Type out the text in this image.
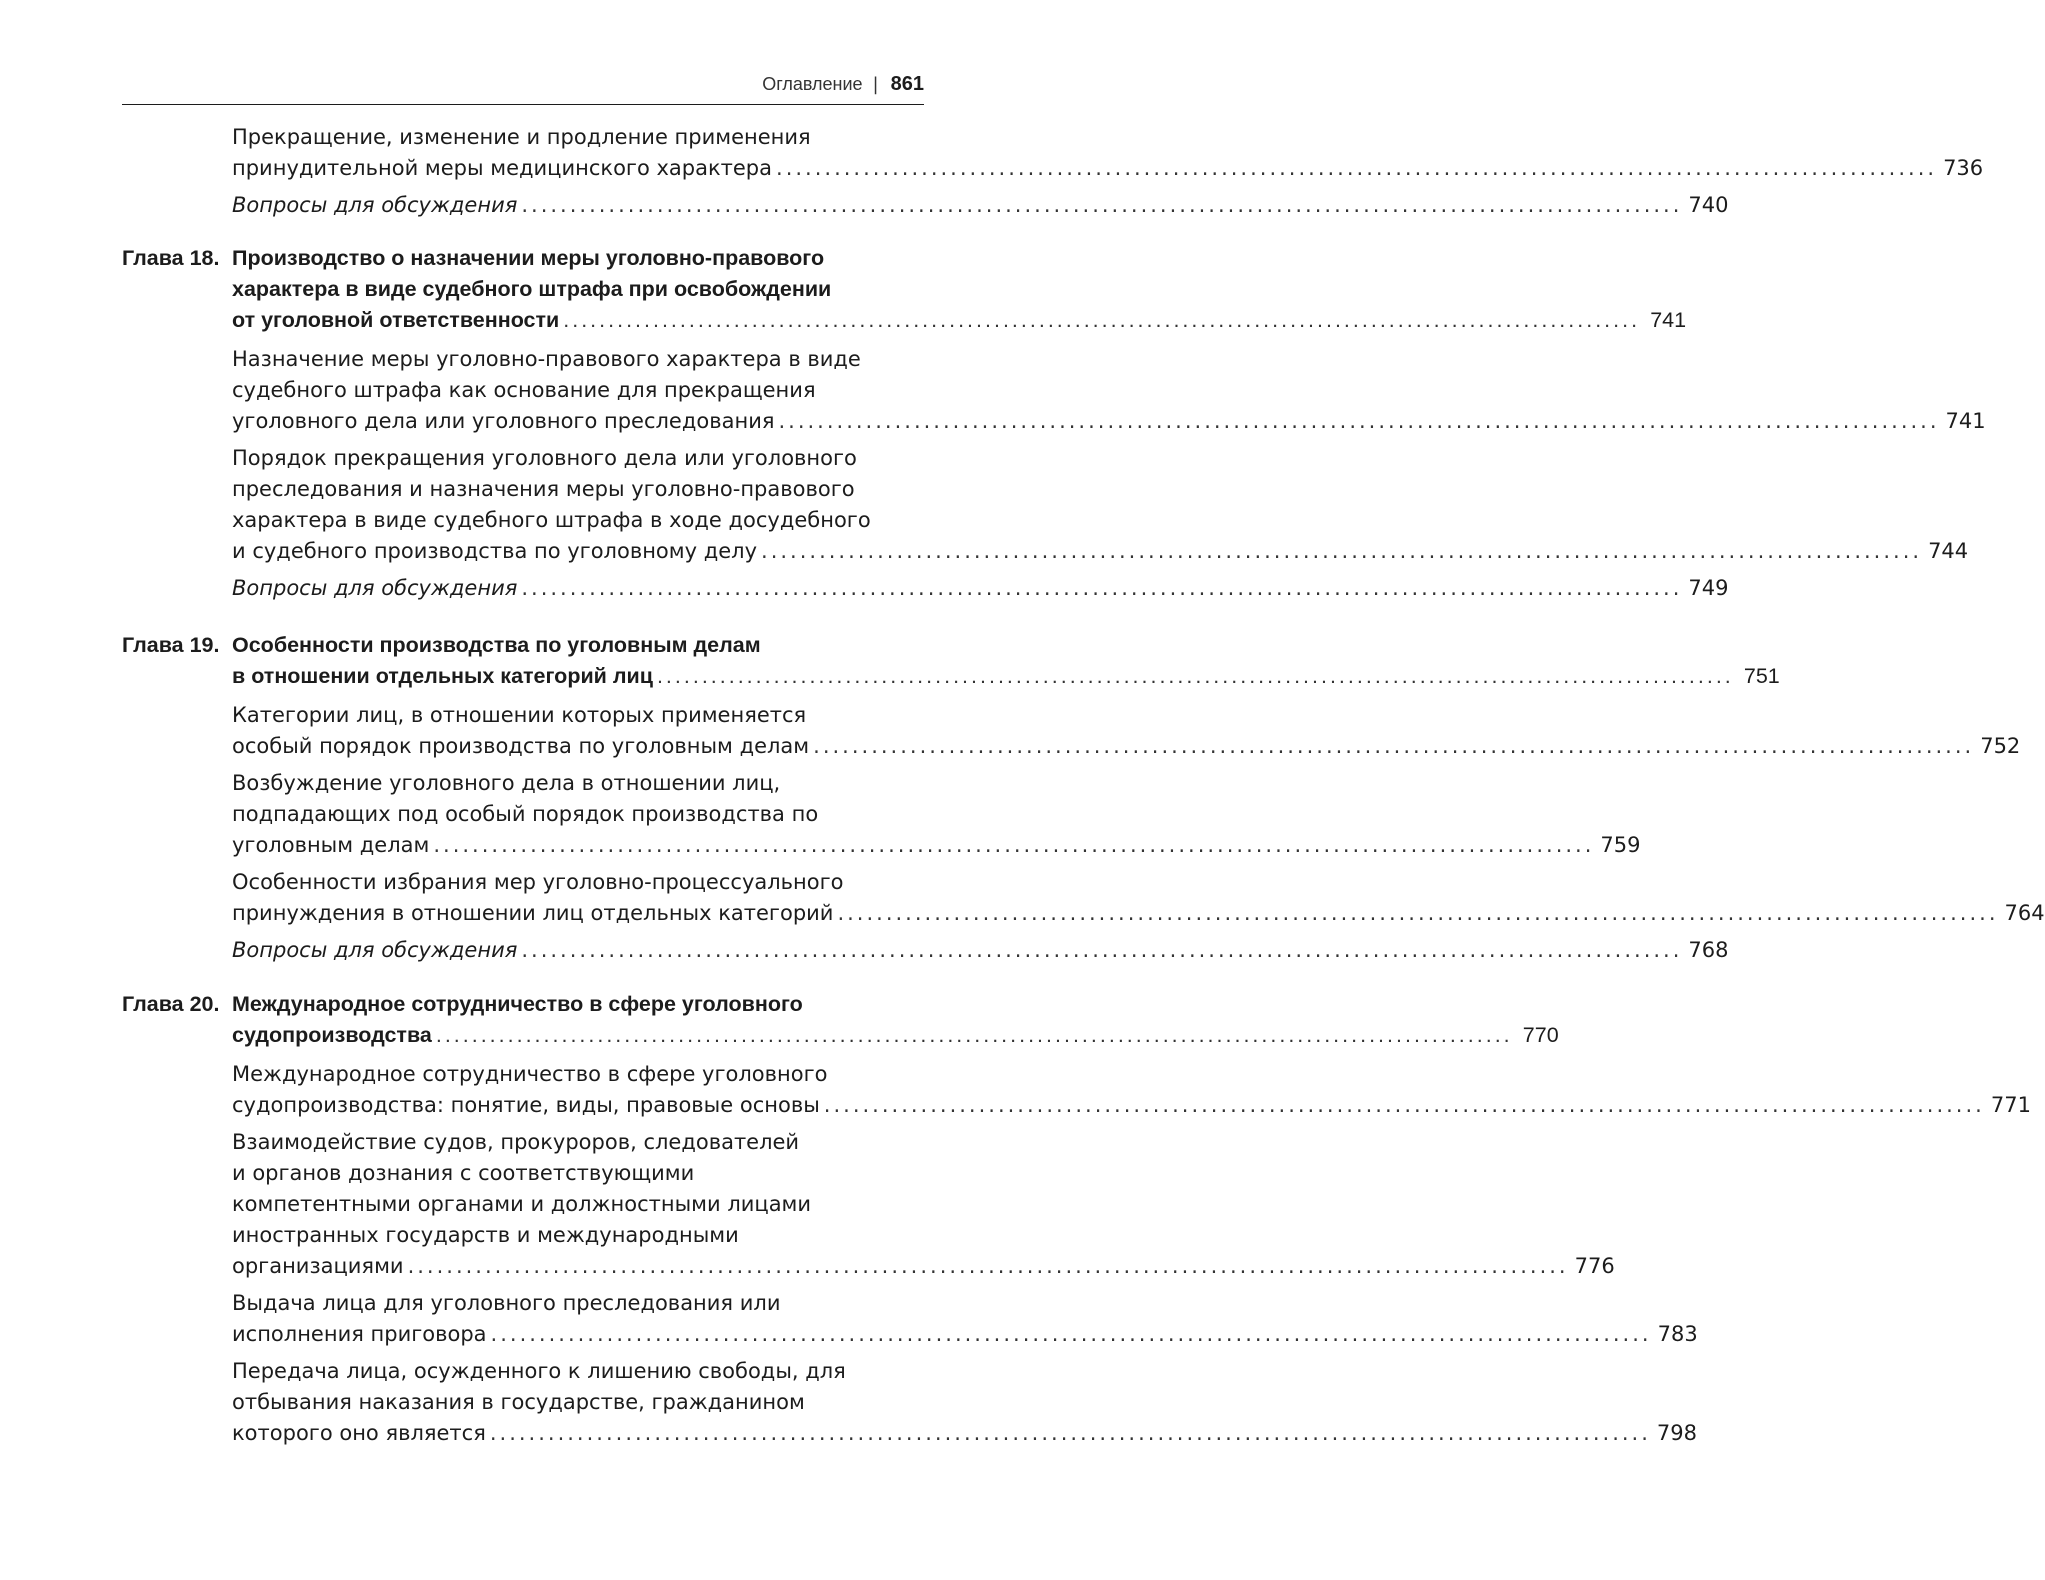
Оглавление | 861
Прекращение, изменение и продление применения
принудительной меры медицинского характера ........................................................................................................................ 736
Вопросы для обсуждения ........................................................................................................................ 740
Глава 18. Производство о назначении меры уголовно-правового
характера в виде судебного штрафа при освобождении
от уголовной ответственности ........................................................................................................................ 741
Назначение меры уголовно-правового характера в виде
судебного штрафа как основание для прекращения
уголовного дела или уголовного преследования ........................................................................................................................ 741
Порядок прекращения уголовного дела или уголовного
преследования и назначения меры уголовно-правового
характера в виде судебного штрафа в ходе досудебного
и судебного производства по уголовному делу ........................................................................................................................ 744
Вопросы для обсуждения ........................................................................................................................ 749
Глава 19. Особенности производства по уголовным делам
в отношении отдельных категорий лиц ........................................................................................................................ 751
Категории лиц, в отношении которых применяется
особый порядок производства по уголовным делам ........................................................................................................................ 752
Возбуждение уголовного дела в отношении лиц,
подпадающих под особый порядок производства по
уголовным делам ........................................................................................................................ 759
Особенности избрания мер уголовно-процессуального
принуждения в отношении лиц отдельных категорий ........................................................................................................................ 764
Вопросы для обсуждения ........................................................................................................................ 768
Глава 20. Международное сотрудничество в сфере уголовного
судопроизводства ........................................................................................................................ 770
Международное сотрудничество в сфере уголовного
судопроизводства: понятие, виды, правовые основы ........................................................................................................................ 771
Взаимодействие судов, прокуроров, следователей
и органов дознания с соответствующими
компетентными органами и должностными лицами
иностранных государств и международными
организациями ........................................................................................................................ 776
Выдача лица для уголовного преследования или
исполнения приговора ........................................................................................................................ 783
Передача лица, осужденного к лишению свободы, для
отбывания наказания в государстве, гражданином
которого оно является ........................................................................................................................ 798
